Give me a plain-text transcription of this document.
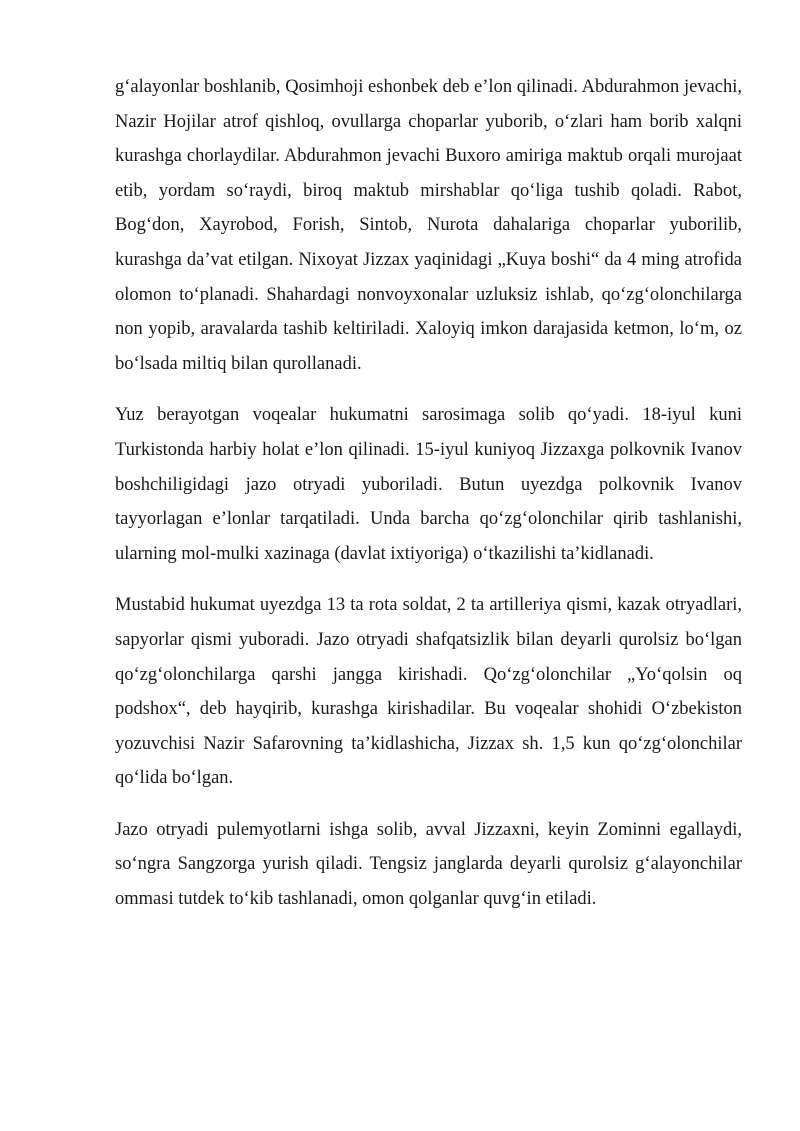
g‘alayonlar boshlanib, Qosimhoji eshonbek deb e’lon qilinadi. Abdurahmon jevachi, Nazir Hojilar atrof qishloq, ovullarga choparlar yuborib, o‘zlari ham borib xalqni kurashga chorlaydilar. Abdurahmon jevachi Buxoro amiriga maktub orqali murojaat etib, yordam so‘raydi, biroq maktub mirshablar qo‘liga tushib qoladi. Rabot, Bog‘don, Xayrobod, Forish, Sintob, Nurota dahalariga choparlar yuborilib, kurashga da’vat etilgan. Nixoyat Jizzax yaqinidagi „Kuya boshi“ da 4 ming atrofida olomon to‘planadi. Shahardagi nonvoyxonalar uzluksiz ishlab, qo‘zg‘olonchilarga non yopib, aravalarda tashib keltiriladi. Xaloyiq imkon darajasida ketmon, lo‘m, oz bo‘lsada miltiq bilan qurollanadi.

Yuz berayotgan voqealar hukumatni sarosimaga solib qo‘yadi. 18-iyul kuni Turkistonda harbiy holat e’lon qilinadi. 15-iyul kuniyoq Jizzaxga polkovnik Ivanov boshchiligidagi jazo otryadi yuboriladi. Butun uyezdga polkovnik Ivanov tayyorlagan e’lonlar tarqatiladi. Unda barcha qo‘zg‘olonchilar qirib tashlanishi, ularning mol-mulki xazinaga (davlat ixtiyoriga) o‘tkazilishi ta’kidlanadi.

Mustabid hukumat uyezdga 13 ta rota soldat, 2 ta artilleriya qismi, kazak otryadlari, sapyorlar qismi yuboradi. Jazo otryadi shafqatsizlik bilan deyarli qurolsiz bo‘lgan qo‘zg‘olonchilarga qarshi jangga kirishadi. Qo‘zg‘olonchilar „Yo‘qolsin oq podshox“, deb hayqirib, kurashga kirishadilar. Bu voqealar shohidi O‘zbekiston yozuvchisi Nazir Safarovning ta’kidlashicha, Jizzax sh. 1,5 kun qo‘zg‘olonchilar qo‘lida bo‘lgan.

Jazo otryadi pulemyotlarni ishga solib, avval Jizzaxni, keyin Zominni egallaydi, so‘ngra Sangzorga yurish qiladi. Tengsiz janglarda deyarli qurolsiz g‘alayonchilar ommasi tutdek to‘kib tashlanadi, omon qolganlar quvg‘in etiladi.
